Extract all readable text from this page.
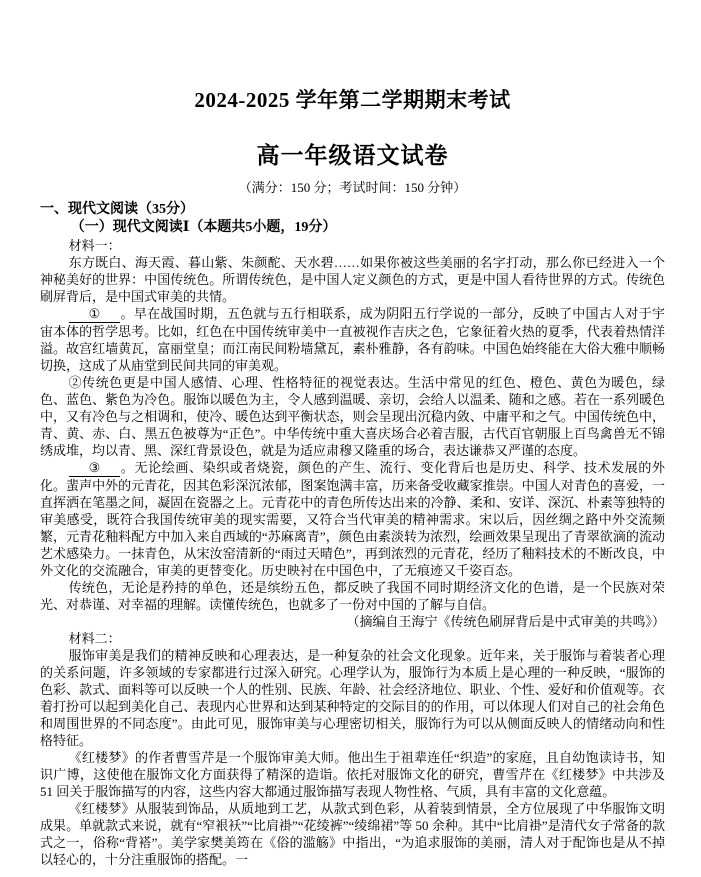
2024-2025 学年第二学期期末考试
高一年级语文试卷

（满分：150 分；考试时间：150 分钟）

一、现代文阅读（35分）

（一）现代文阅读Ⅰ（本题共5小题，19分）

材料一：

东方既白、海天霞、暮山紫、朱颜酡、天水碧……如果你被这些美丽的名字打动，那么你已经进入一个神秘美好的世界：中国传统色。所谓传统色，是中国人定义颜色的方式，更是中国人看待世界的方式。传统色刷屏背后，是中国式审美的共情。

① 。早在战国时期，五色就与五行相联系，成为阴阳五行学说的一部分，反映了中国古人对于宇宙本体的哲学思考。比如，红色在中国传统审美中一直被视作吉庆之色，它象征着火热的夏季，代表着热情洋溢。故宫红墙黄瓦，富丽堂皇；而江南民间粉墙黛瓦，素朴雅静，各有韵味。中国色始终能在大俗大雅中顺畅切换，这成了从庙堂到民间共同的审美观。

②传统色更是中国人感情、心理、性格特征的视觉表达。生活中常见的红色、橙色、黄色为暖色，绿色、蓝色、紫色为冷色。服饰以暖色为主，令人感到温暖、亲切，会给人以温柔、随和之感。若在一系列暖色中，又有冷色与之相调和，使冷、暖色达到平衡状态，则会呈现出沉稳内敛、中庸平和之气。中国传统色中，青、黄、赤、白、黑五色被尊为“正色”。中华传统中重大喜庆场合必着吉服，古代百官朝服上百鸟禽兽无不锦绣成堆，均以青、黑、深红背景设色，就是为适应肃穆又隆重的场合，表达谦恭又严谨的态度。

③ 。无论绘画、染织或者烧瓷，颜色的产生、流行、变化背后也是历史、科学、技术发展的外化。蜚声中外的元青花，因其色彩深沉浓郁，图案饱满丰富，历来备受收藏家推崇。中国人对青色的喜爱，一直挥洒在笔墨之间，凝固在瓷器之上。元青花中的青色所传达出来的冷静、柔和、安详、深沉、朴素等独特的审美感受，既符合我国传统审美的现实需要，又符合当代审美的精神需求。宋以后，因丝绸之路中外交流频繁，元青花釉料配方中加入来自西域的“苏麻离青”，颜色由素淡转为浓烈，绘画效果呈现出了青翠欲滴的流动艺术感染力。一抹青色，从宋汝窑清新的“雨过天晴色”，再到浓烈的元青花，经历了釉料技术的不断改良，中外文化的交流融合，审美的更替变化。历史映衬在中国色中，了无痕迹又千姿百态。

传统色，无论是矜持的单色，还是缤纷五色，都反映了我国不同时期经济文化的色谱，是一个民族对荣光、对恭谨、对幸福的理解。读懂传统色，也就多了一份对中国的了解与自信。

（摘编自王海宁《传统色刷屏背后是中式审美的共鸣》）

材料二：

服饰审美是我们的精神反映和心理表达，是一种复杂的社会文化现象。近年来，关于服饰与着装者心理的关系问题，许多领域的专家都进行过深入研究。心理学认为，服饰行为本质上是心理的一种反映，“服饰的色彩、款式、面料等可以反映一个人的性别、民族、年龄、社会经济地位、职业、个性、爱好和价值观等。衣着打扮可以起到美化自己、表现内心世界和达到某种特定的交际目的的作用，可以体现人们对自己的社会角色和周围世界的不同态度”。由此可见，服饰审美与心理密切相关，服饰行为可以从侧面反映人的情绪动向和性格特征。

《红楼梦》的作者曹雪芹是一个服饰审美大师。他出生于祖辈连任“织造”的家庭，且自幼饱读诗书，知识广博，这使他在服饰文化方面获得了精深的造诣。依托对服饰文化的研究，曹雪芹在《红楼梦》中共涉及 51 回关于服饰描写的内容，这些内容大都通过服饰描写表现人物性格、气质，具有丰富的文化意蕴。

《红楼梦》从服装到饰品，从质地到工艺，从款式到色彩，从着装到情景，全方位展现了中华服饰文明成果。单就款式来说，就有“窄裉袄”“比肩褂”“花绫裤”“绫绵裙”等 50 余种。其中“比肩褂”是清代女子常备的款式之一，俗称“背褡”。美学家樊美筠在《俗的滥觞》中指出，“为追求服饰的美丽，清人对于配饰也是从不掉以轻心的，十分注重服饰的搭配。一
